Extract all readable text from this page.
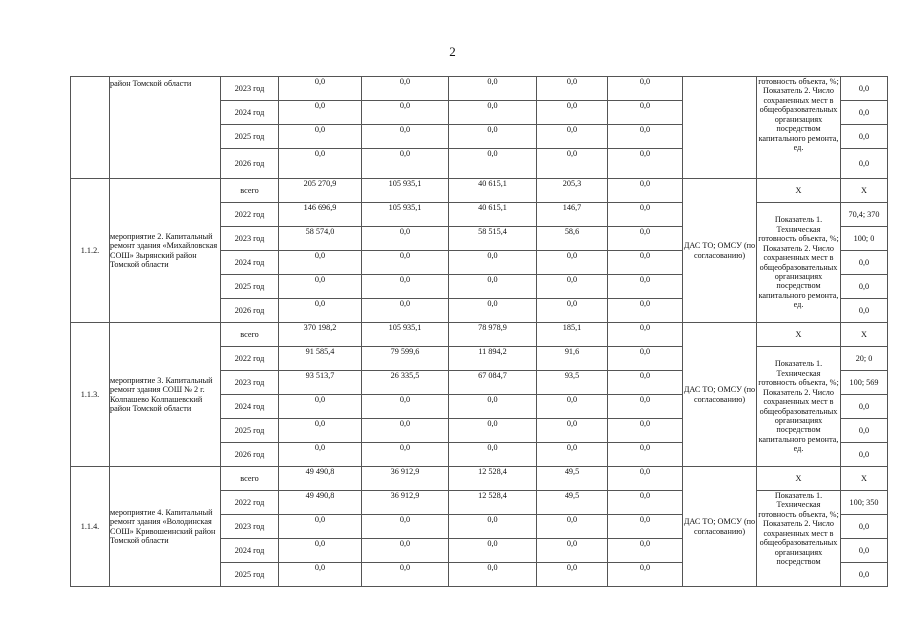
2
	район Томской области	2023 год	0,0	0,0	0,0	0,0	0,0		готовность объекта, %; Показатель 2. Число сохраненных мест в общеобразовательных организациях посредством капитального ремонта, ед.	0,0
		2024 год	0,0	0,0	0,0	0,0	0,0			0,0
		2025 год	0,0	0,0	0,0	0,0	0,0			0,0
		2026 год	0,0	0,0	0,0	0,0	0,0			0,0
1.1.2.	мероприятие 2. Капитальный ремонт здания «Михайловская СОШ» Зырянский район Томской области	всего	205 270,9	105 935,1	40 615,1	205,3	0,0	ДАС ТО; ОМСУ (по согласованию)	X	X
		2022 год	146 696,9	105 935,1	40 615,1	146,7	0,0		Показатель 1. Техническая готовность объекта, %; Показатель 2. Число сохраненных мест в общеобразовательных организациях посредством капитального ремонта, ед.	70,4; 370
		2023 год	58 574,0	0,0	58 515,4	58,6	0,0			100; 0
		2024 год	0,0	0,0	0,0	0,0	0,0			0,0
		2025 год	0,0	0,0	0,0	0,0	0,0			0,0
		2026 год	0,0	0,0	0,0	0,0	0,0			0,0
1.1.3.	мероприятие 3. Капитальный ремонт здания СОШ № 2 г. Колпашево Колпашевский район Томской области	всего	370 198,2	105 935,1	78 978,9	185,1	0,0	ДАС ТО; ОМСУ (по согласованию)	X	X
		2022 год	91 585,4	79 599,6	11 894,2	91,6	0,0		Показатель 1. Техническая готовность объекта, %; Показатель 2. Число сохраненных мест в общеобразовательных организациях посредством капитального ремонта, ед.	20; 0
		2023 год	93 513,7	26 335,5	67 084,7	93,5	0,0			100; 569
		2024 год	0,0	0,0	0,0	0,0	0,0			0,0
		2025 год	0,0	0,0	0,0	0,0	0,0			0,0
		2026 год	0,0	0,0	0,0	0,0	0,0			0,0
1.1.4.	мероприятие 4. Капитальный ремонт здания «Володинская СОШ» Кривошеинский район Томской области	всего	49 490,8	36 912,9	12 528,4	49,5	0,0	ДАС ТО; ОМСУ (по согласованию)	X	X
		2022 год	49 490,8	36 912,9	12 528,4	49,5	0,0		Показатель 1. Техническая готовность объекта, %; Показатель 2. Число сохраненных мест в общеобразовательных организациях посредством	100; 350
		2023 год	0,0	0,0	0,0	0,0	0,0			0,0
		2024 год	0,0	0,0	0,0	0,0	0,0			0,0
		2025 год	0,0	0,0	0,0	0,0	0,0			0,0
